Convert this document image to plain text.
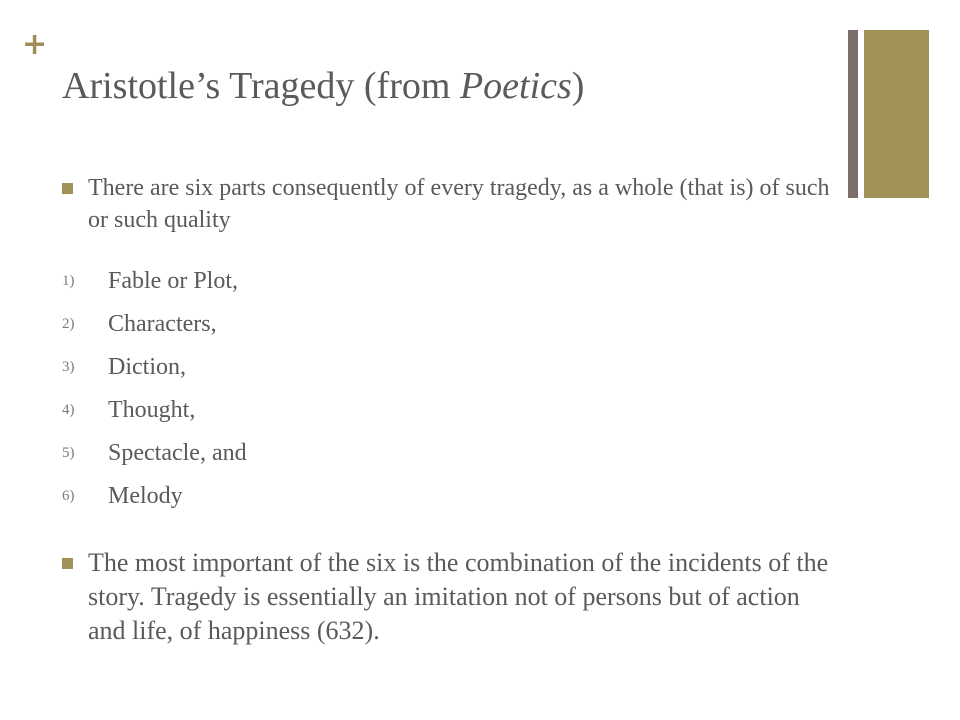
+
Aristotle’s Tragedy (from Poetics)
There are six parts consequently of every tragedy, as a whole (that is) of such or such quality
1) Fable or Plot,
2) Characters,
3) Diction,
4) Thought,
5) Spectacle, and
6) Melody
The most important of the six is the combination of the incidents of the story. Tragedy is essentially an imitation not of persons but of action and life, of happiness (632).
